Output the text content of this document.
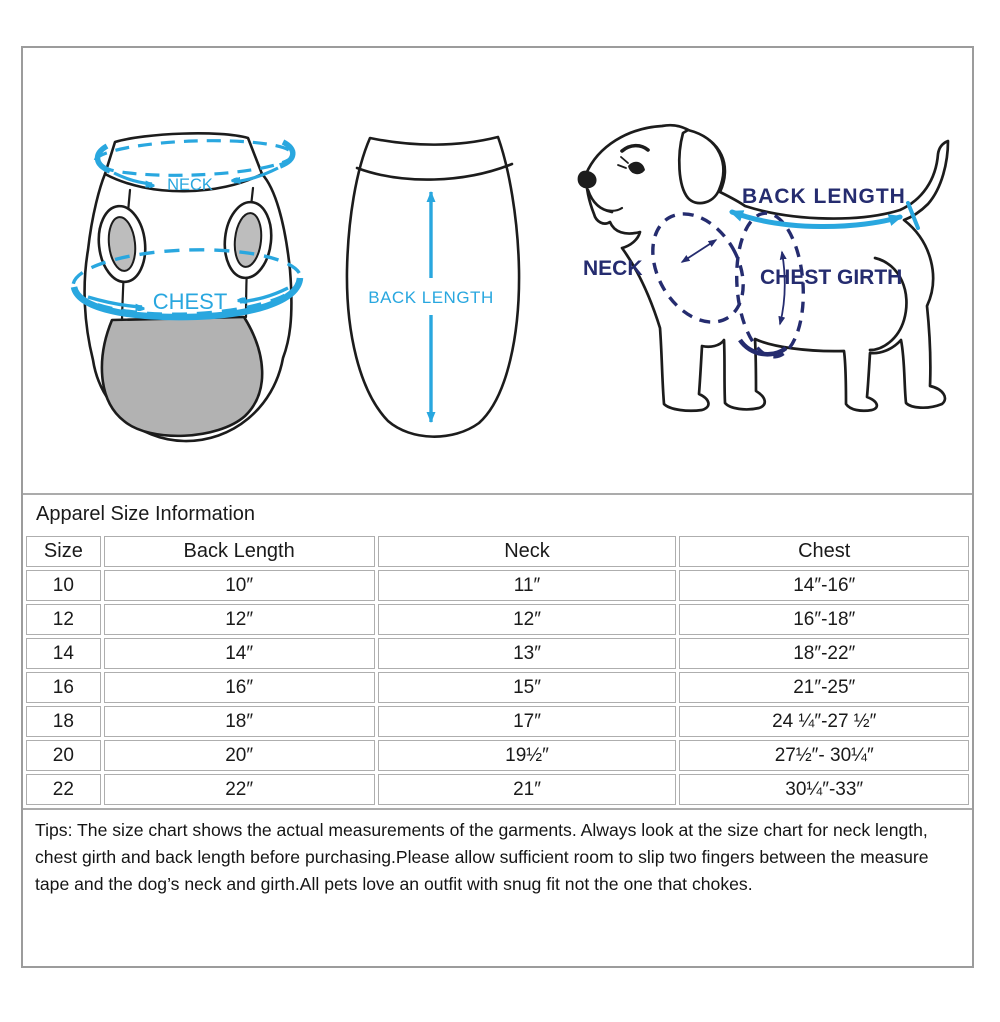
NECK
CHEST	BACK LENGTH
BACK LENGTH
NECK	CHEST GIRTH
Apparel Size Information
Size	Back Length	Neck	Chest
10	10″	11″	14″-16″
12	12″	12″	16″-18″
14	14″	13″	18″-22″
16	16″	15″	21″-25″
18	18″	17″	24 ¼″-27 ½″
20	20″	19½″	27½″- 30¼″
22	22″	21″	30¼″-33″
Tips: The size chart shows the actual measurements of the garments. Always look at the size chart for neck length, chest girth and back length before purchasing.Please allow sufficient room to slip two fingers between the measure tape and the dog’s neck and girth.All pets love an outfit with snug fit not the one that chokes.
